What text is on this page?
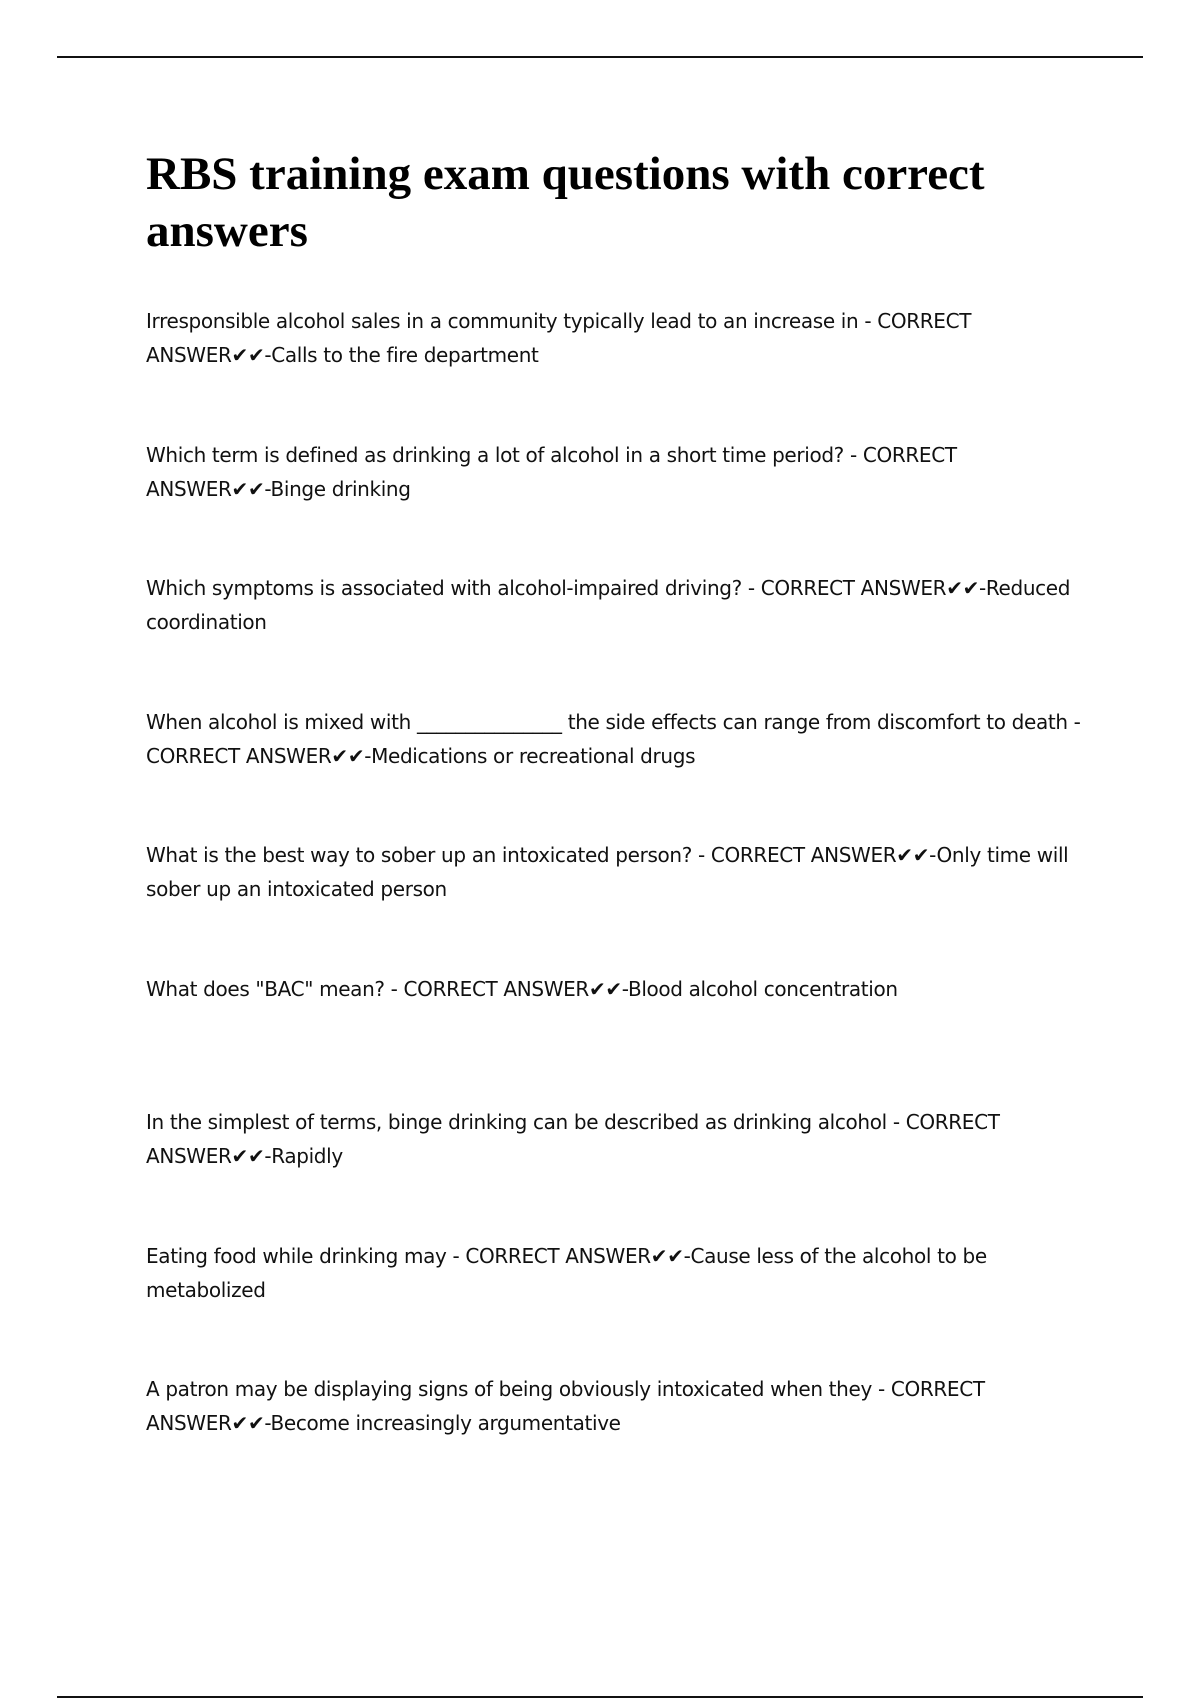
RBS training exam questions with correct answers
Irresponsible alcohol sales in a community typically lead to an increase in - CORRECT ANSWER✔✔-Calls to the fire department
Which term is defined as drinking a lot of alcohol in a short time period? - CORRECT ANSWER✔✔-Binge drinking
Which symptoms is associated with alcohol-impaired driving? - CORRECT ANSWER✔✔-Reduced coordination
When alcohol is mixed with _______________ the side effects can range from discomfort to death - CORRECT ANSWER✔✔-Medications or recreational drugs
What is the best way to sober up an intoxicated person? - CORRECT ANSWER✔✔-Only time will sober up an intoxicated person
What does "BAC" mean? - CORRECT ANSWER✔✔-Blood alcohol concentration
In the simplest of terms, binge drinking can be described as drinking alcohol - CORRECT ANSWER✔✔-Rapidly
Eating food while drinking may - CORRECT ANSWER✔✔-Cause less of the alcohol to be metabolized
A patron may be displaying signs of being obviously intoxicated when they - CORRECT ANSWER✔✔-Become increasingly argumentative
